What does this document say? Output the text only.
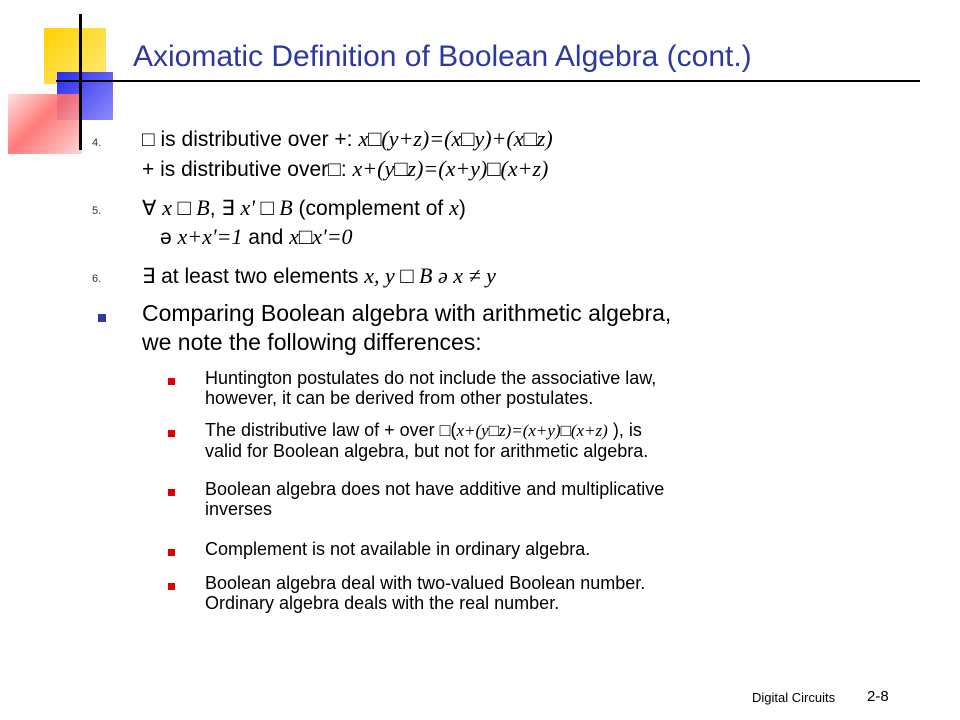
Axiomatic Definition of Boolean Algebra (cont.)
4. □ is distributive over +: x□(y+z)=(x□y)+(x□z)
+ is distributive over□: x+(y□z)=(x+y)□(x+z)
5. ∀ x □ B, ∃ x' □ B (complement of x)
ə x+x'=1 and x□x'=0
6. ∃ at least two elements x, y □ B ə x ≠ y
Comparing Boolean algebra with arithmetic algebra,
we note the following differences:
Huntington postulates do not include the associative law,
however, it can be derived from other postulates.
The distributive law of + over □(x+(y□z)=(x+y)□(x+z) ), is
valid for Boolean algebra, but not for arithmetic algebra.
Boolean algebra does not have additive and multiplicative
inverses
Complement is not available in ordinary algebra.
Boolean algebra deal with two-valued Boolean number.
Ordinary algebra deals with the real number.
Digital Circuits 2-8
